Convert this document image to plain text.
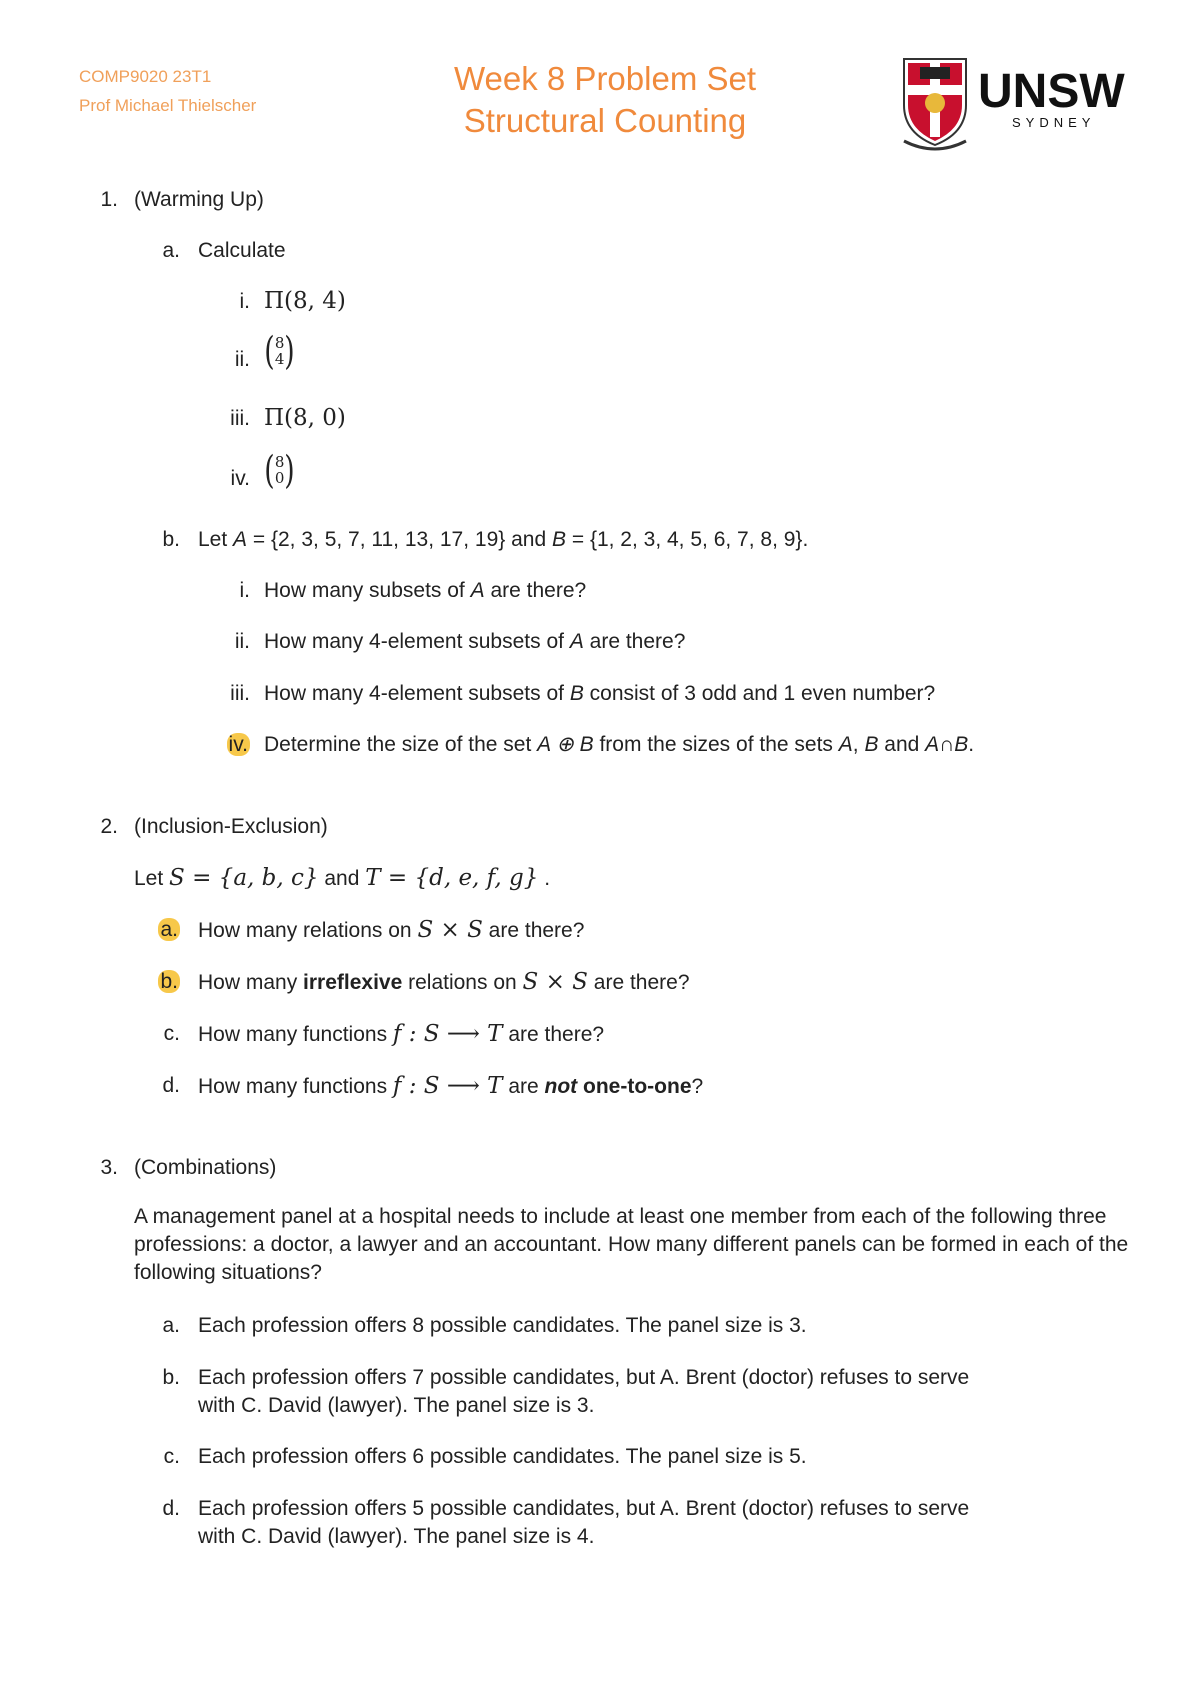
COMP9020 23T1
Prof Michael Thielscher
Week 8 Problem Set
Structural Counting
UNSW
SYDNEY
1. (Warming Up)
a. Calculate
i. Π(8, 4)
ii. ( 8
4 )
iii. Π(8, 0)
iv. ( 8
0 )
b. Let A = {2, 3, 5, 7, 11, 13, 17, 19} and B = {1, 2, 3, 4, 5, 6, 7, 8, 9}.
i. How many subsets of A are there?
ii. How many 4-element subsets of A are there?
iii. How many 4-element subsets of B consist of 3 odd and 1 even number?
iv. Determine the size of the set A ⊕ B from the sizes of the sets A, B and A∩B.
2. (Inclusion-Exclusion)
Let S = {a, b, c} and T = {d, e, f, g} .
a. How many relations on S × S are there?
b. How many irreflexive relations on S × S are there?
c. How many functions f : S ⟶ T are there?
d. How many functions f : S ⟶ T are not one-to-one?
3. (Combinations)
A management panel at a hospital needs to include at least one member from each of the following three professions: a doctor, a lawyer and an accountant. How many different panels can be formed in each of the following situations?
a. Each profession offers 8 possible candidates. The panel size is 3.
b. Each profession offers 7 possible candidates, but A. Brent (doctor) refuses to serve
with C. David (lawyer). The panel size is 3.
c. Each profession offers 6 possible candidates. The panel size is 5.
d. Each profession offers 5 possible candidates, but A. Brent (doctor) refuses to serve
with C. David (lawyer). The panel size is 4.
